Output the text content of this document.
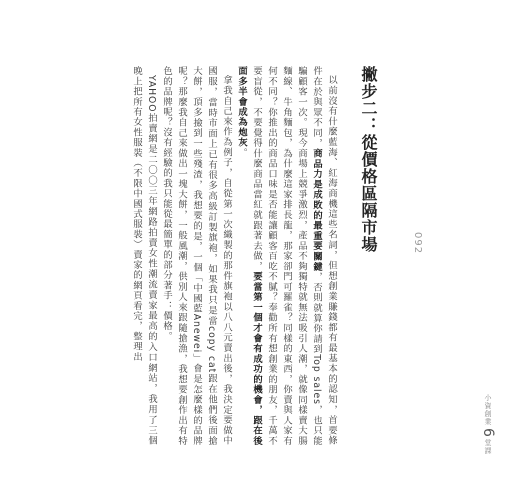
092
撇步二：從價格區隔市場

以前沒有什麼藍海、紅海商機這些名詞，但想創業賺錢都有最基本的認知，首要條件在於與眾不同，商品力是成敗的最重要關鍵，否則就算你請到Top sales，也只能騙顧客一次。現今商場上競爭激烈，產品不夠獨特就無法吸引人潮，就像同樣賣大腸麵線、牛角麵包，為什麼這家排長龍，那家卻門可羅雀？同樣的東西，你賣與人家有何不同？你推出的商品口味是否能讓顧客百吃不膩？奉勸所有想創業的朋友，千萬不要盲從，不要覺得什麼商品當紅就跟著去做，要當第一個才會有成功的機會，跟在後面多半會成為炮灰。

拿我自己來作為例子，自從第一次織製的那件旗袍以八八元賣出後，我決定要做中國服，當時市面上已有很多高級訂製旗袍，如果我只是當copy cat跟在他們後面搶大餅，頂多撿到一些殘渣，我想要的是，一個「中國藍Anewei」會是怎麼樣的品牌呢？那麼我自己來做出一塊大餅，一般風潮，供別人來跟隨搶漁，我想要創作出有特色的品牌呢？沒有經驗的我只能從最簡單的部分著手：價格。

YAHOO拍賣網是二〇〇三年網路拍賣女性潮流賣家最高的入口網站，我用了三個晚上把所有女性服裝（不限中國式服裝）賣家的網頁看完，整理出

小資創業
6
堂課
